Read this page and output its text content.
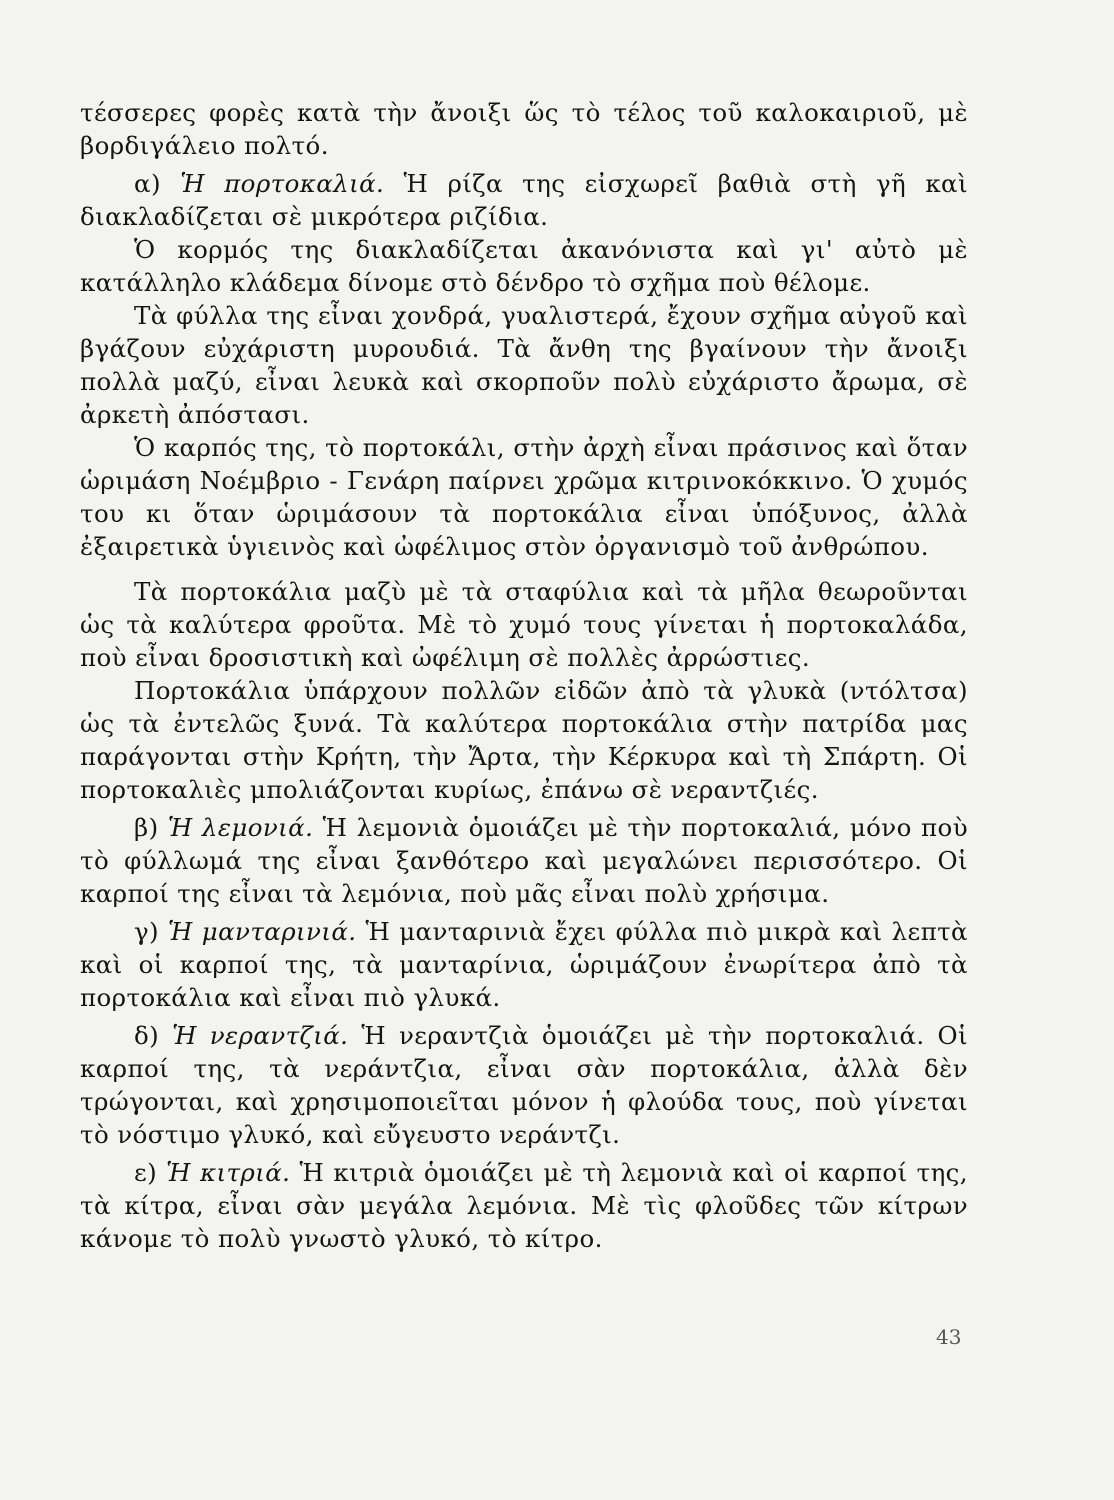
τέσσερες φορὲς κατὰ τὴν ἄνοιξι ὥς τὸ τέλος τοῦ καλοκαιριοῦ, μὲ βορδιγάλειο πολτό.

α) Ἡ πορτοκαλιά. Ἡ ρίζα της εἰσχωρεῖ βαθιὰ στὴ γῆ καὶ διακλαδίζεται σὲ μικρότερα ριζίδια.

Ὁ κορμός της διακλαδίζεται ἀκανόνιστα καὶ γι' αὐτὸ μὲ κατάλληλο κλάδεμα δίνομε στὸ δένδρο τὸ σχῆμα ποὺ θέλομε.

Τὰ φύλλα της εἶναι χονδρά, γυαλιστερά, ἔχουν σχῆμα αὐγοῦ καὶ βγάζουν εὐχάριστη μυρουδιά. Τὰ ἄνθη της βγαίνουν τὴν ἄνοιξι πολλὰ μαζύ, εἶναι λευκὰ καὶ σκορποῦν πολὺ εὐχάριστο ἄρωμα, σὲ ἀρκετὴ ἀπόστασι.

Ὁ καρπός της, τὸ πορτοκάλι, στὴν ἀρχὴ εἶναι πράσινος καὶ ὅταν ὡριμάση Νοέμβριο - Γενάρη παίρνει χρῶμα κιτρινοκόκκινο. Ὁ χυμός του κι ὅταν ὡριμάσουν τὰ πορτοκάλια εἶναι ὑπόξυνος, ἀλλὰ ἐξαιρετικὰ ὑγιεινὸς καὶ ὠφέλιμος στὸν ὀργανισμὸ τοῦ ἀνθρώπου.

Τὰ πορτοκάλια μαζὺ μὲ τὰ σταφύλια καὶ τὰ μῆλα θεωροῦνται ὡς τὰ καλύτερα φροῦτα. Μὲ τὸ χυμό τους γίνεται ἡ πορτοκαλάδα, ποὺ εἶναι δροσιστικὴ καὶ ὠφέλιμη σὲ πολλὲς ἀρρώστιες.

Πορτοκάλια ὑπάρχουν πολλῶν εἰδῶν ἀπὸ τὰ γλυκὰ (ντόλτσα) ὡς τὰ ἐντελῶς ξυνά. Τὰ καλύτερα πορτοκάλια στὴν πατρίδα μας παράγονται στὴν Κρήτη, τὴν Ἄρτα, τὴν Κέρκυρα καὶ τὴ Σπάρτη. Οἱ πορτοκαλιὲς μπολιάζονται κυρίως, ἐπάνω σὲ νεραντζιές.

β) Ἡ λεμονιά. Ἡ λεμονιὰ ὁμοιάζει μὲ τὴν πορτοκαλιά, μόνο ποὺ τὸ φύλλωμά της εἶναι ξανθότερο καὶ μεγαλώνει περισσότερο. Οἱ καρποί της εἶναι τὰ λεμόνια, ποὺ μᾶς εἶναι πολὺ χρήσιμα.

γ) Ἡ μανταρινιά. Ἡ μανταρινιὰ ἔχει φύλλα πιὸ μικρὰ καὶ λεπτὰ καὶ οἱ καρποί της, τὰ μανταρίνια, ὡριμάζουν ἐνωρίτερα ἀπὸ τὰ πορτοκάλια καὶ εἶναι πιὸ γλυκά.

δ) Ἡ νεραντζιά. Ἡ νεραντζιὰ ὁμοιάζει μὲ τὴν πορτοκαλιά. Οἱ καρποί της, τὰ νεράντζια, εἶναι σὰν πορτοκάλια, ἀλλὰ δὲν τρώγονται, καὶ χρησιμοποιεῖται μόνον ἡ φλούδα τους, ποὺ γίνεται τὸ νόστιμο γλυκό, καὶ εὔγευστο νεράντζι.

ε) Ἡ κιτριά. Ἡ κιτριὰ ὁμοιάζει μὲ τὴ λεμονιὰ καὶ οἱ καρποί της, τὰ κίτρα, εἶναι σὰν μεγάλα λεμόνια. Μὲ τὶς φλοῦδες τῶν κίτρων κάνομε τὸ πολὺ γνωστὸ γλυκό, τὸ κίτρο.

43
